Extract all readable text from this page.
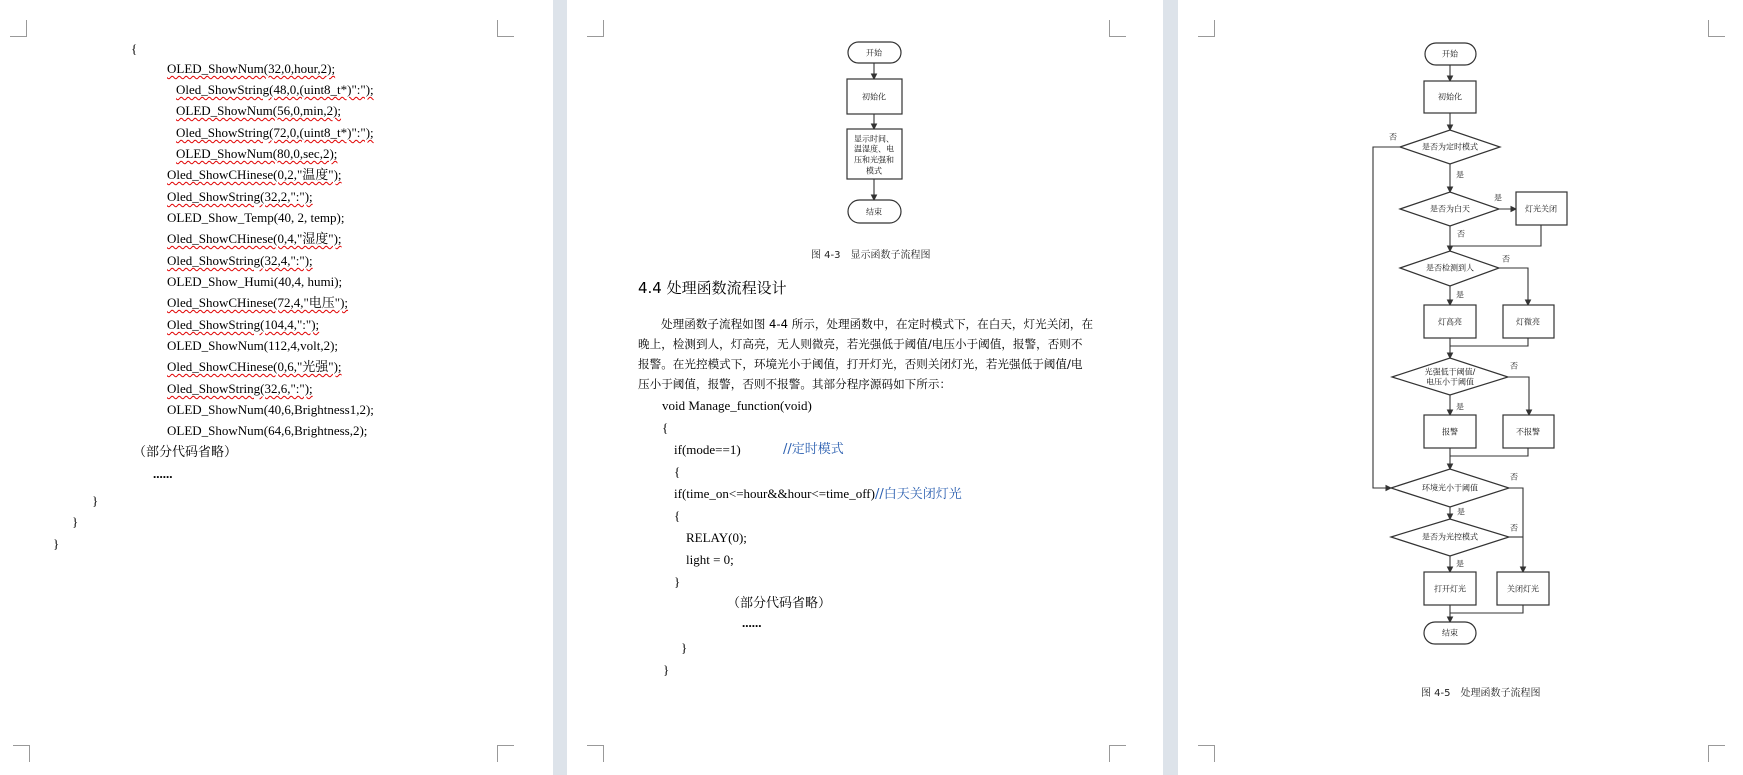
{
OLED_ShowNum(32,0,hour,2);
Oled_ShowString(48,0,(uint8_t*)":");
OLED_ShowNum(56,0,min,2);
Oled_ShowString(72,0,(uint8_t*)":");
OLED_ShowNum(80,0,sec,2);
Oled_ShowCHinese(0,2,"温度");
Oled_ShowString(32,2,":");
OLED_Show_Temp(40, 2, temp);
Oled_ShowCHinese(0,4,"湿度");
Oled_ShowString(32,4,":");
OLED_Show_Humi(40,4, humi);
Oled_ShowCHinese(72,4,"电压");
Oled_ShowString(104,4,":");
OLED_ShowNum(112,4,volt,2);
Oled_ShowCHinese(0,6,"光强");
Oled_ShowString(32,6,":");
OLED_ShowNum(40,6,Brightness1,2);
OLED_ShowNum(64,6,Brightness,2);
（部分代码省略）
......
}
}
}
开始
初始化
显示时间、
温湿度、电
压和光强和
模式
结束
开始
初始化
是否为定时模式
否
是
是否为白天
是
灯光关闭
否
是否检测到人
否
是
灯高亮	灯微亮
光强低于阈值/
电压小于阈值
否
是
报警	不报警
环境光小于阈值
否
是
是否为光控模式
否
是
打开灯光	关闭灯光
结束
图 4-3　显示函数子流程图
4.4 处理函数流程设计
处理函数子流程如图 4-4 所示，处理函数中，在定时模式下，在白天，灯光关闭，在
晚上，检测到人，灯高亮，无人则微亮，若光强低于阈值/电压小于阈值，报警，否则不
报警。在光控模式下，环境光小于阈值，打开灯光，否则关闭灯光，若光强低于阈值/电
压小于阈值，报警，否则不报警。其部分程序源码如下所示：
void Manage_function(void)
{
if(mode==1)	//定时模式
{
if(time_on<=hour&&hour<=time_off)//白天关闭灯光
{
RELAY(0);
light = 0;
}
（部分代码省略）
......
}
}
图 4-5　处理函数子流程图
